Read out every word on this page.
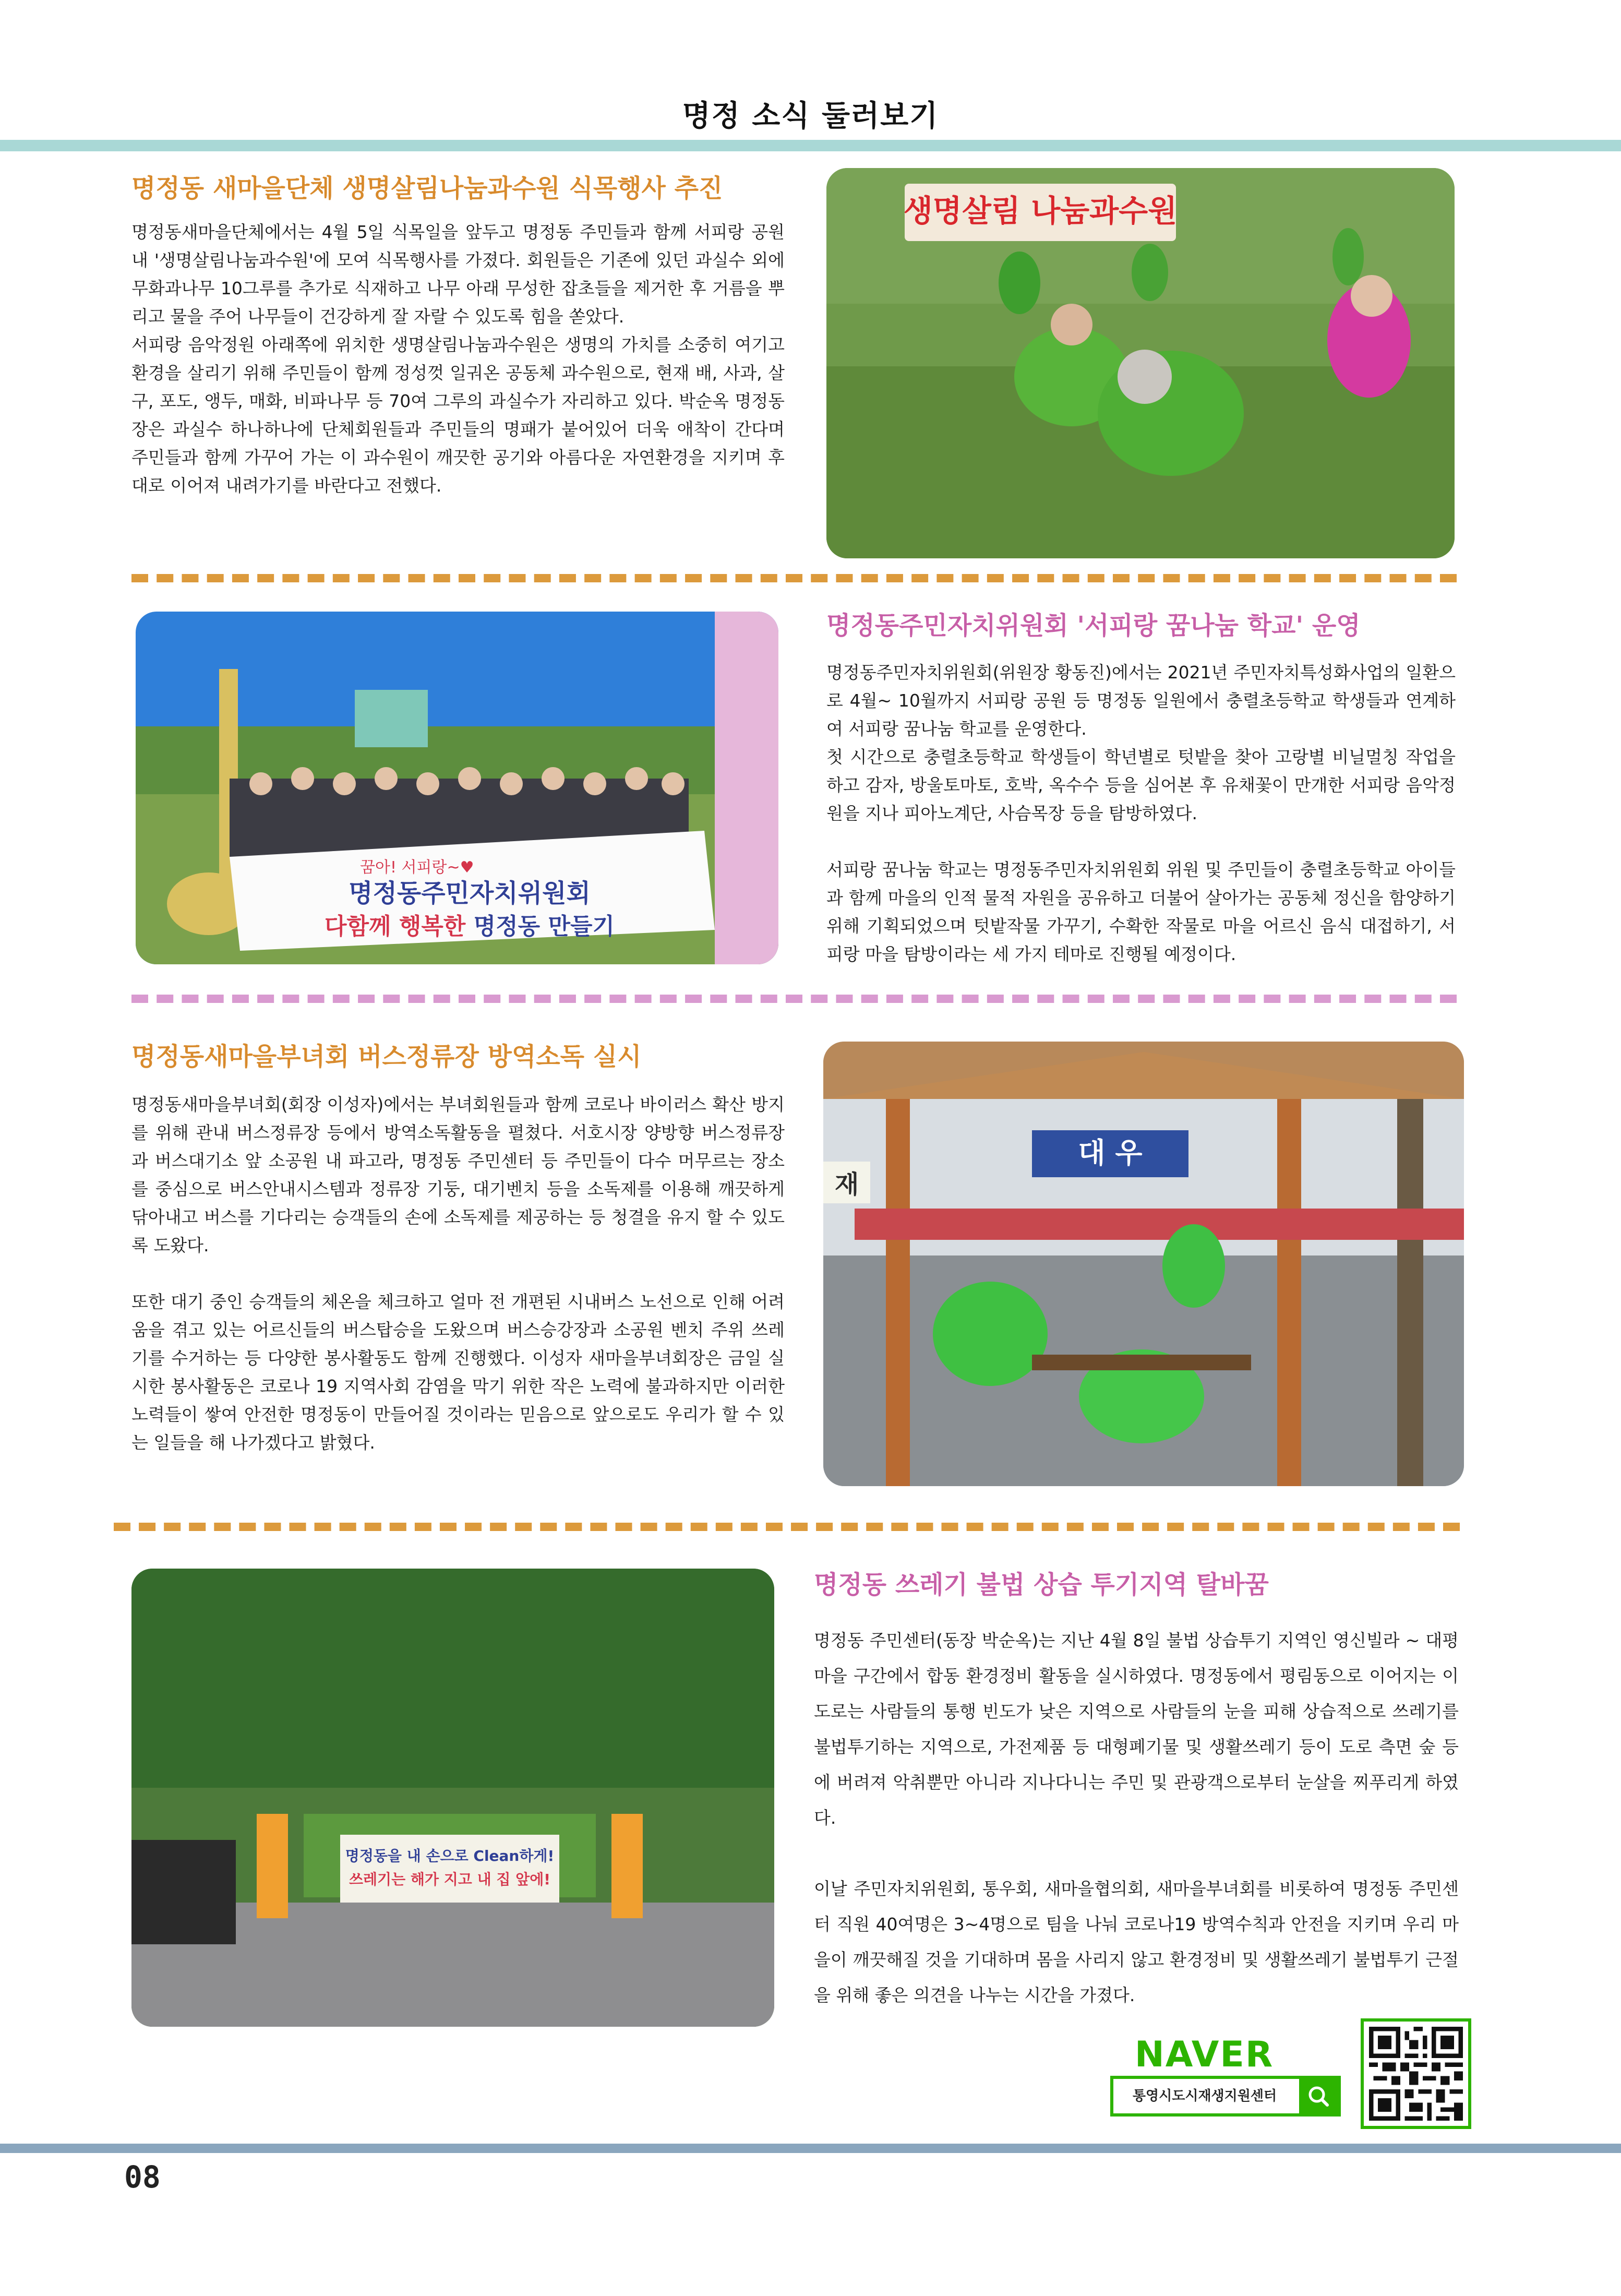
명정 소식 둘러보기
명정동 새마을단체 생명살림나눔과수원 식목행사 추진

명정동새마을단체에서는 4월 5일 식목일을 앞두고 명정동 주민들과 함께 서피랑 공원 내 '생명살림나눔과수원'에 모여 식목행사를 가졌다. 회원들은 기존에 있던 과실수 외에 무화과나무 10그루를 추가로 식재하고 나무 아래 무성한 잡초들을 제거한 후 거름을 뿌리고 물을 주어 나무들이 건강하게 잘 자랄 수 있도록 힘을 쏟았다.

서피랑 음악정원 아래쪽에 위치한 생명살림나눔과수원은 생명의 가치를 소중히 여기고 환경을 살리기 위해 주민들이 함께 정성껏 일궈온 공동체 과수원으로, 현재 배, 사과, 살구, 포도, 앵두, 매화, 비파나무 등 70여 그루의 과실수가 자리하고 있다. 박순옥 명정동장은 과실수 하나하나에 단체회원들과 주민들의 명패가 붙어있어 더욱 애착이 간다며 주민들과 함께 가꾸어 가는 이 과수원이 깨끗한 공기와 아름다운 자연환경을 지키며 후대로 이어져 내려가기를 바란다고 전했다.

생명살림 나눔과수원
꿈아! 서피랑~♥
명정동주민자치위원회
다함께 행복한 명정동 만들기
명정동주민자치위원회 '서피랑 꿈나눔 학교' 운영

명정동주민자치위원회(위원장 황동진)에서는 2021년 주민자치특성화사업의 일환으로 4월~ 10월까지 서피랑 공원 등 명정동 일원에서 충렬초등학교 학생들과 연계하여 서피랑 꿈나눔 학교를 운영한다.

첫 시간으로 충렬초등학교 학생들이 학년별로 텃밭을 찾아 고랑별 비닐멀칭 작업을 하고 감자, 방울토마토, 호박, 옥수수 등을 심어본 후 유채꽃이 만개한 서피랑 음악정원을 지나 피아노계단, 사슴목장 등을 탐방하였다.

서피랑 꿈나눔 학교는 명정동주민자치위원회 위원 및 주민들이 충렬초등학교 아이들과 함께 마을의 인적 물적 자원을 공유하고 더불어 살아가는 공동체 정신을 함양하기 위해 기획되었으며 텃밭작물 가꾸기, 수확한 작물로 마을 어르신 음식 대접하기, 서피랑 마을 탐방이라는 세 가지 테마로 진행될 예정이다.

명정동새마을부녀회 버스정류장 방역소독 실시

명정동새마을부녀회(회장 이성자)에서는 부녀회원들과 함께 코로나 바이러스 확산 방지를 위해 관내 버스정류장 등에서 방역소독활동을 펼쳤다. 서호시장 양방향 버스정류장과 버스대기소 앞 소공원 내 파고라, 명정동 주민센터 등 주민들이 다수 머무르는 장소를 중심으로 버스안내시스템과 정류장 기둥, 대기벤치 등을 소독제를 이용해 깨끗하게 닦아내고 버스를 기다리는 승객들의 손에 소독제를 제공하는 등 청결을 유지 할 수 있도록 도왔다.

또한 대기 중인 승객들의 체온을 체크하고 얼마 전 개편된 시내버스 노선으로 인해 어려움을 겪고 있는 어르신들의 버스탑승을 도왔으며 버스승강장과 소공원 벤치 주위 쓰레기를 수거하는 등 다양한 봉사활동도 함께 진행했다. 이성자 새마을부녀회장은 금일 실시한 봉사활동은 코로나 19 지역사회 감염을 막기 위한 작은 노력에 불과하지만 이러한 노력들이 쌓여 안전한 명정동이 만들어질 것이라는 믿음으로 앞으로도 우리가 할 수 있는 일들을 해 나가겠다고 밝혔다.

대 우
재
명정동을 내 손으로 Clean하게!
쓰레기는 해가 지고 내 집 앞에!
명정동 쓰레기 불법 상습 투기지역 탈바꿈

명정동 주민센터(동장 박순옥)는 지난 4월 8일 불법 상습투기 지역인 영신빌라 ~ 대평마을 구간에서 합동 환경정비 활동을 실시하였다. 명정동에서 평림동으로 이어지는 이 도로는 사람들의 통행 빈도가 낮은 지역으로 사람들의 눈을 피해 상습적으로 쓰레기를 불법투기하는 지역으로, 가전제품 등 대형폐기물 및 생활쓰레기 등이 도로 측면 숲 등에 버려져 악취뿐만 아니라 지나다니는 주민 및 관광객으로부터 눈살을 찌푸리게 하였다.

이날 주민자치위원회, 통우회, 새마을협의회, 새마을부녀회를 비롯하여 명정동 주민센터 직원 40여명은 3~4명으로 팀을 나눠 코로나19 방역수칙과 안전을 지키며 우리 마을이 깨끗해질 것을 기대하며 몸을 사리지 않고 환경정비 및 생활쓰레기 불법투기 근절을 위해 좋은 의견을 나누는 시간을 가졌다.

NAVER
통영시도시재생지원센터
08
